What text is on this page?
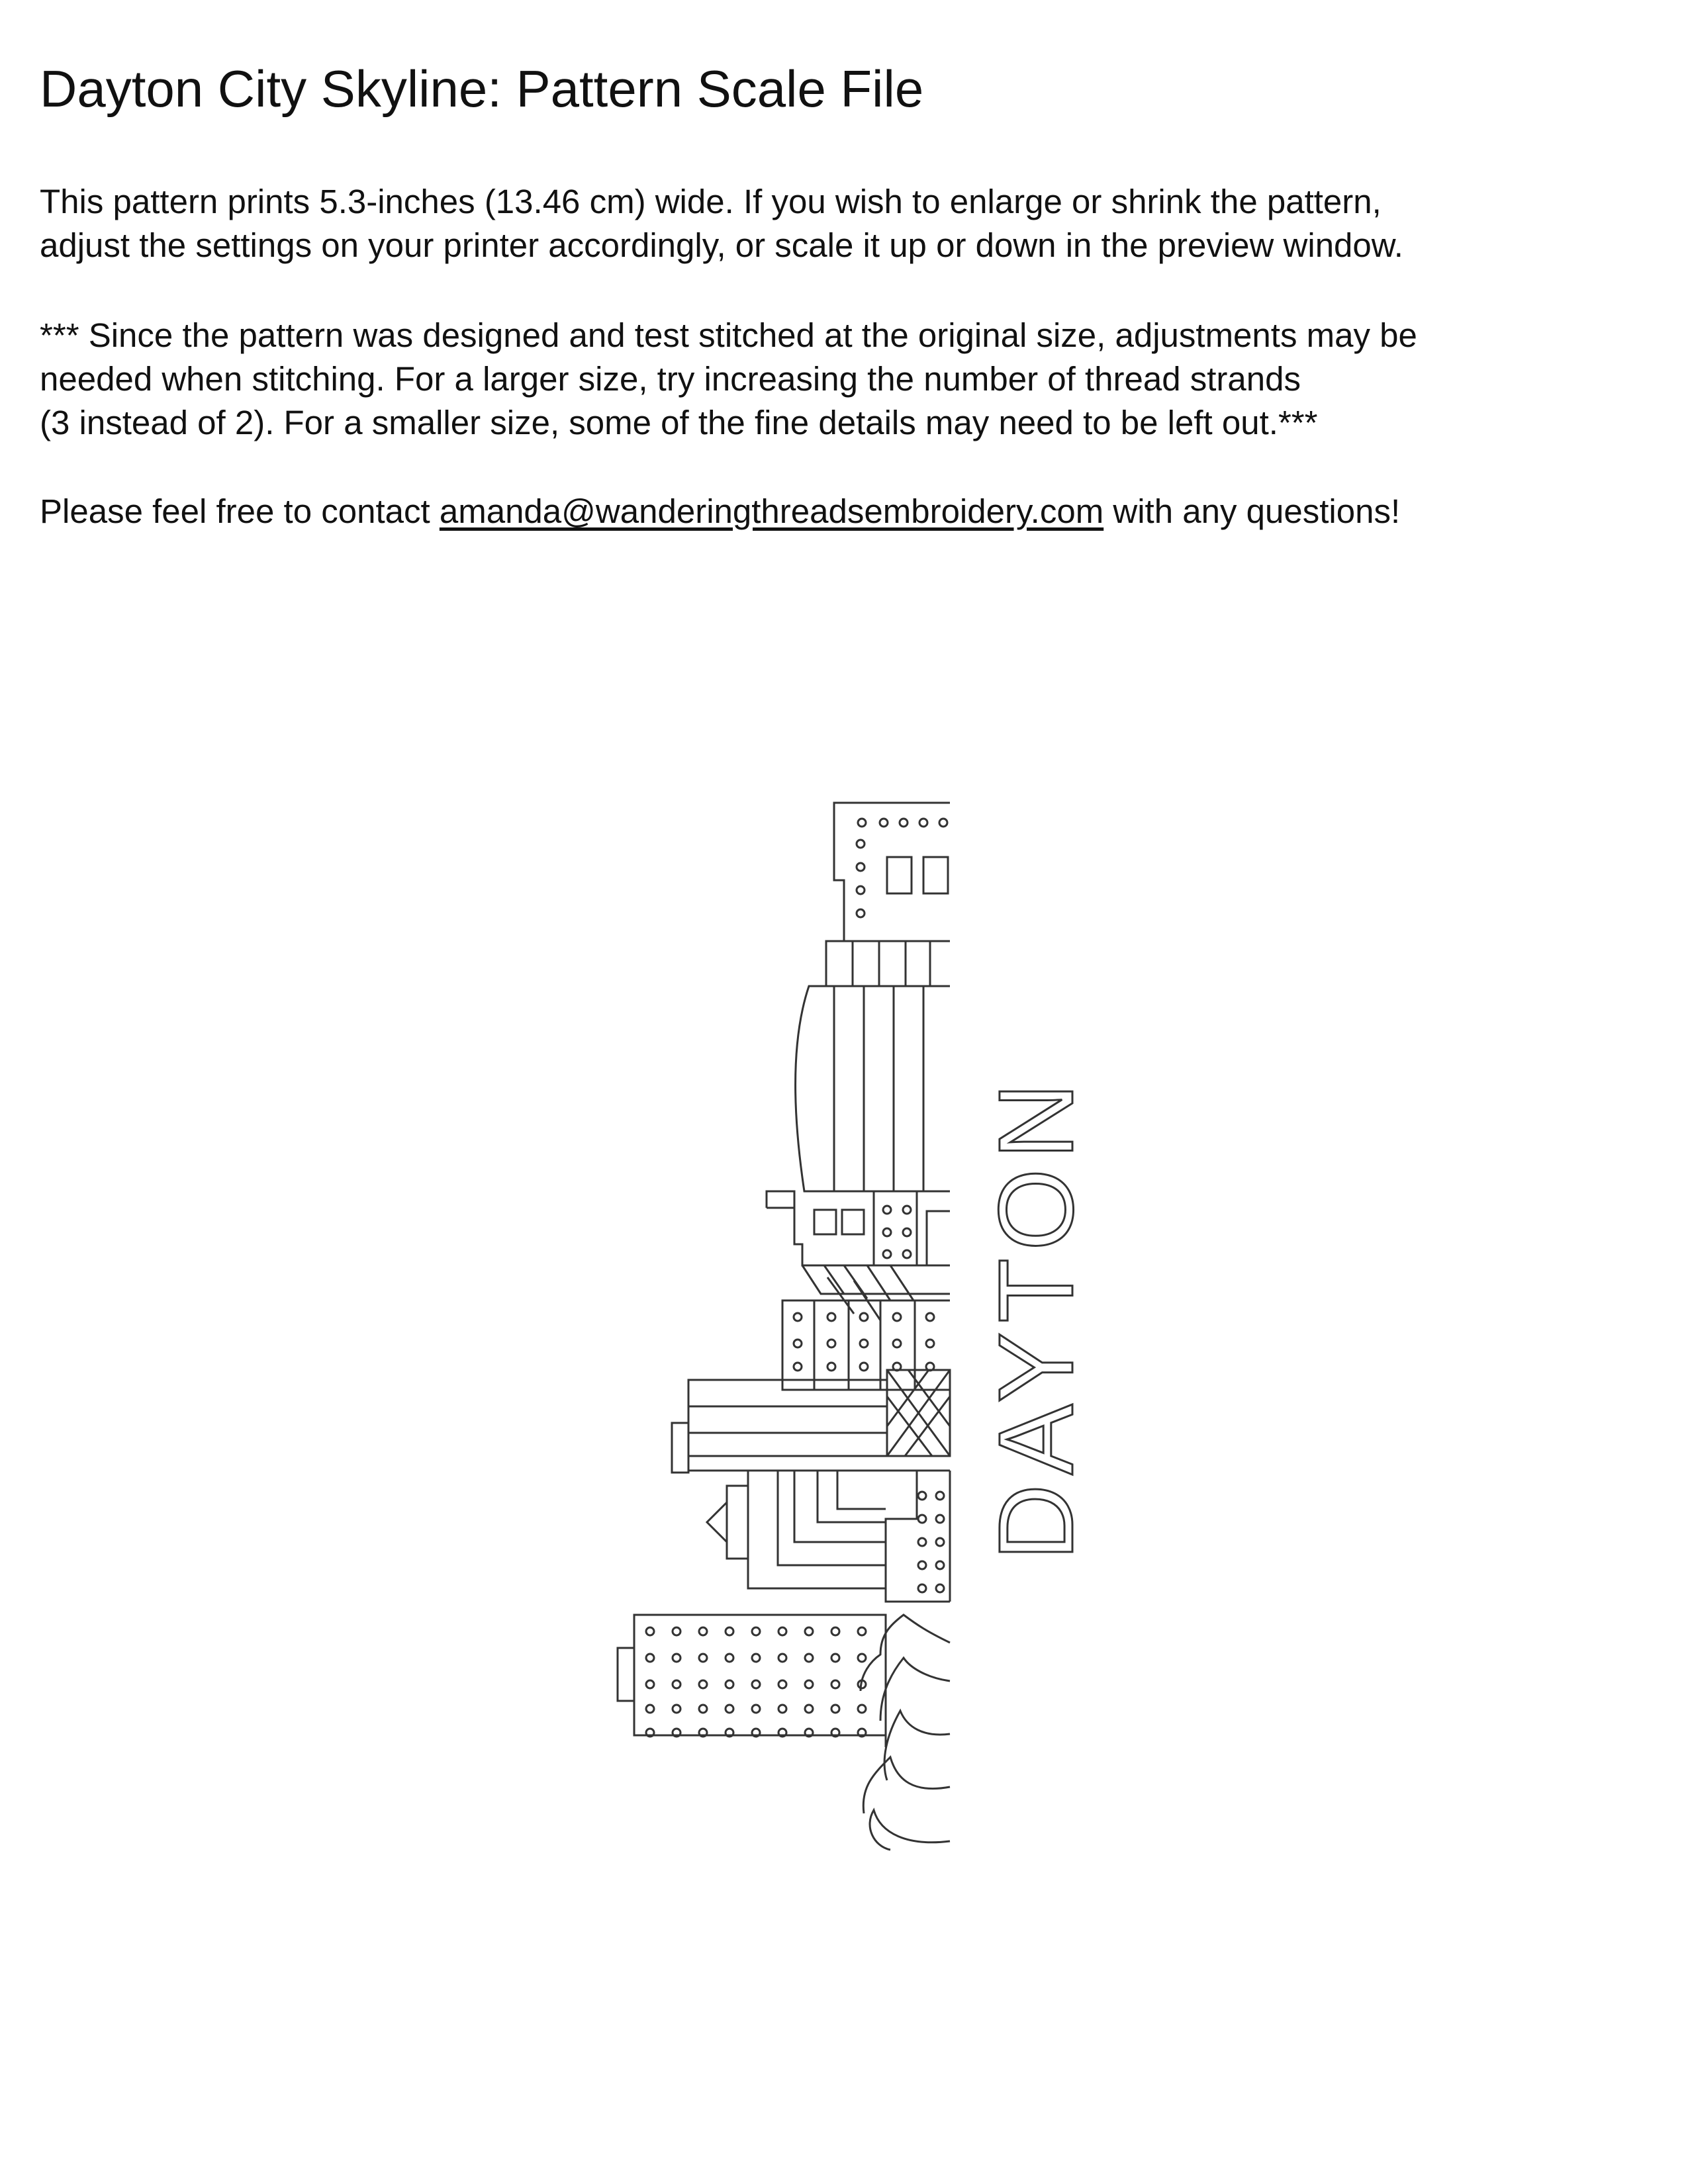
Dayton City Skyline: Pattern Scale File

This pattern prints 5.3-inches (13.46 cm) wide. If you wish to enlarge or shrink the pattern,
adjust the settings on your printer accordingly, or scale it up or down in the preview window.

*** Since the pattern was designed and test stitched at the original size, adjustments may be
needed when stitching. For a larger size, try increasing the number of thread strands
(3 instead of 2). For a smaller size, some of the fine details may need to be left out.***

Please feel free to contact amanda@wanderingthreadsembroidery.com with any questions!

DAYTON
